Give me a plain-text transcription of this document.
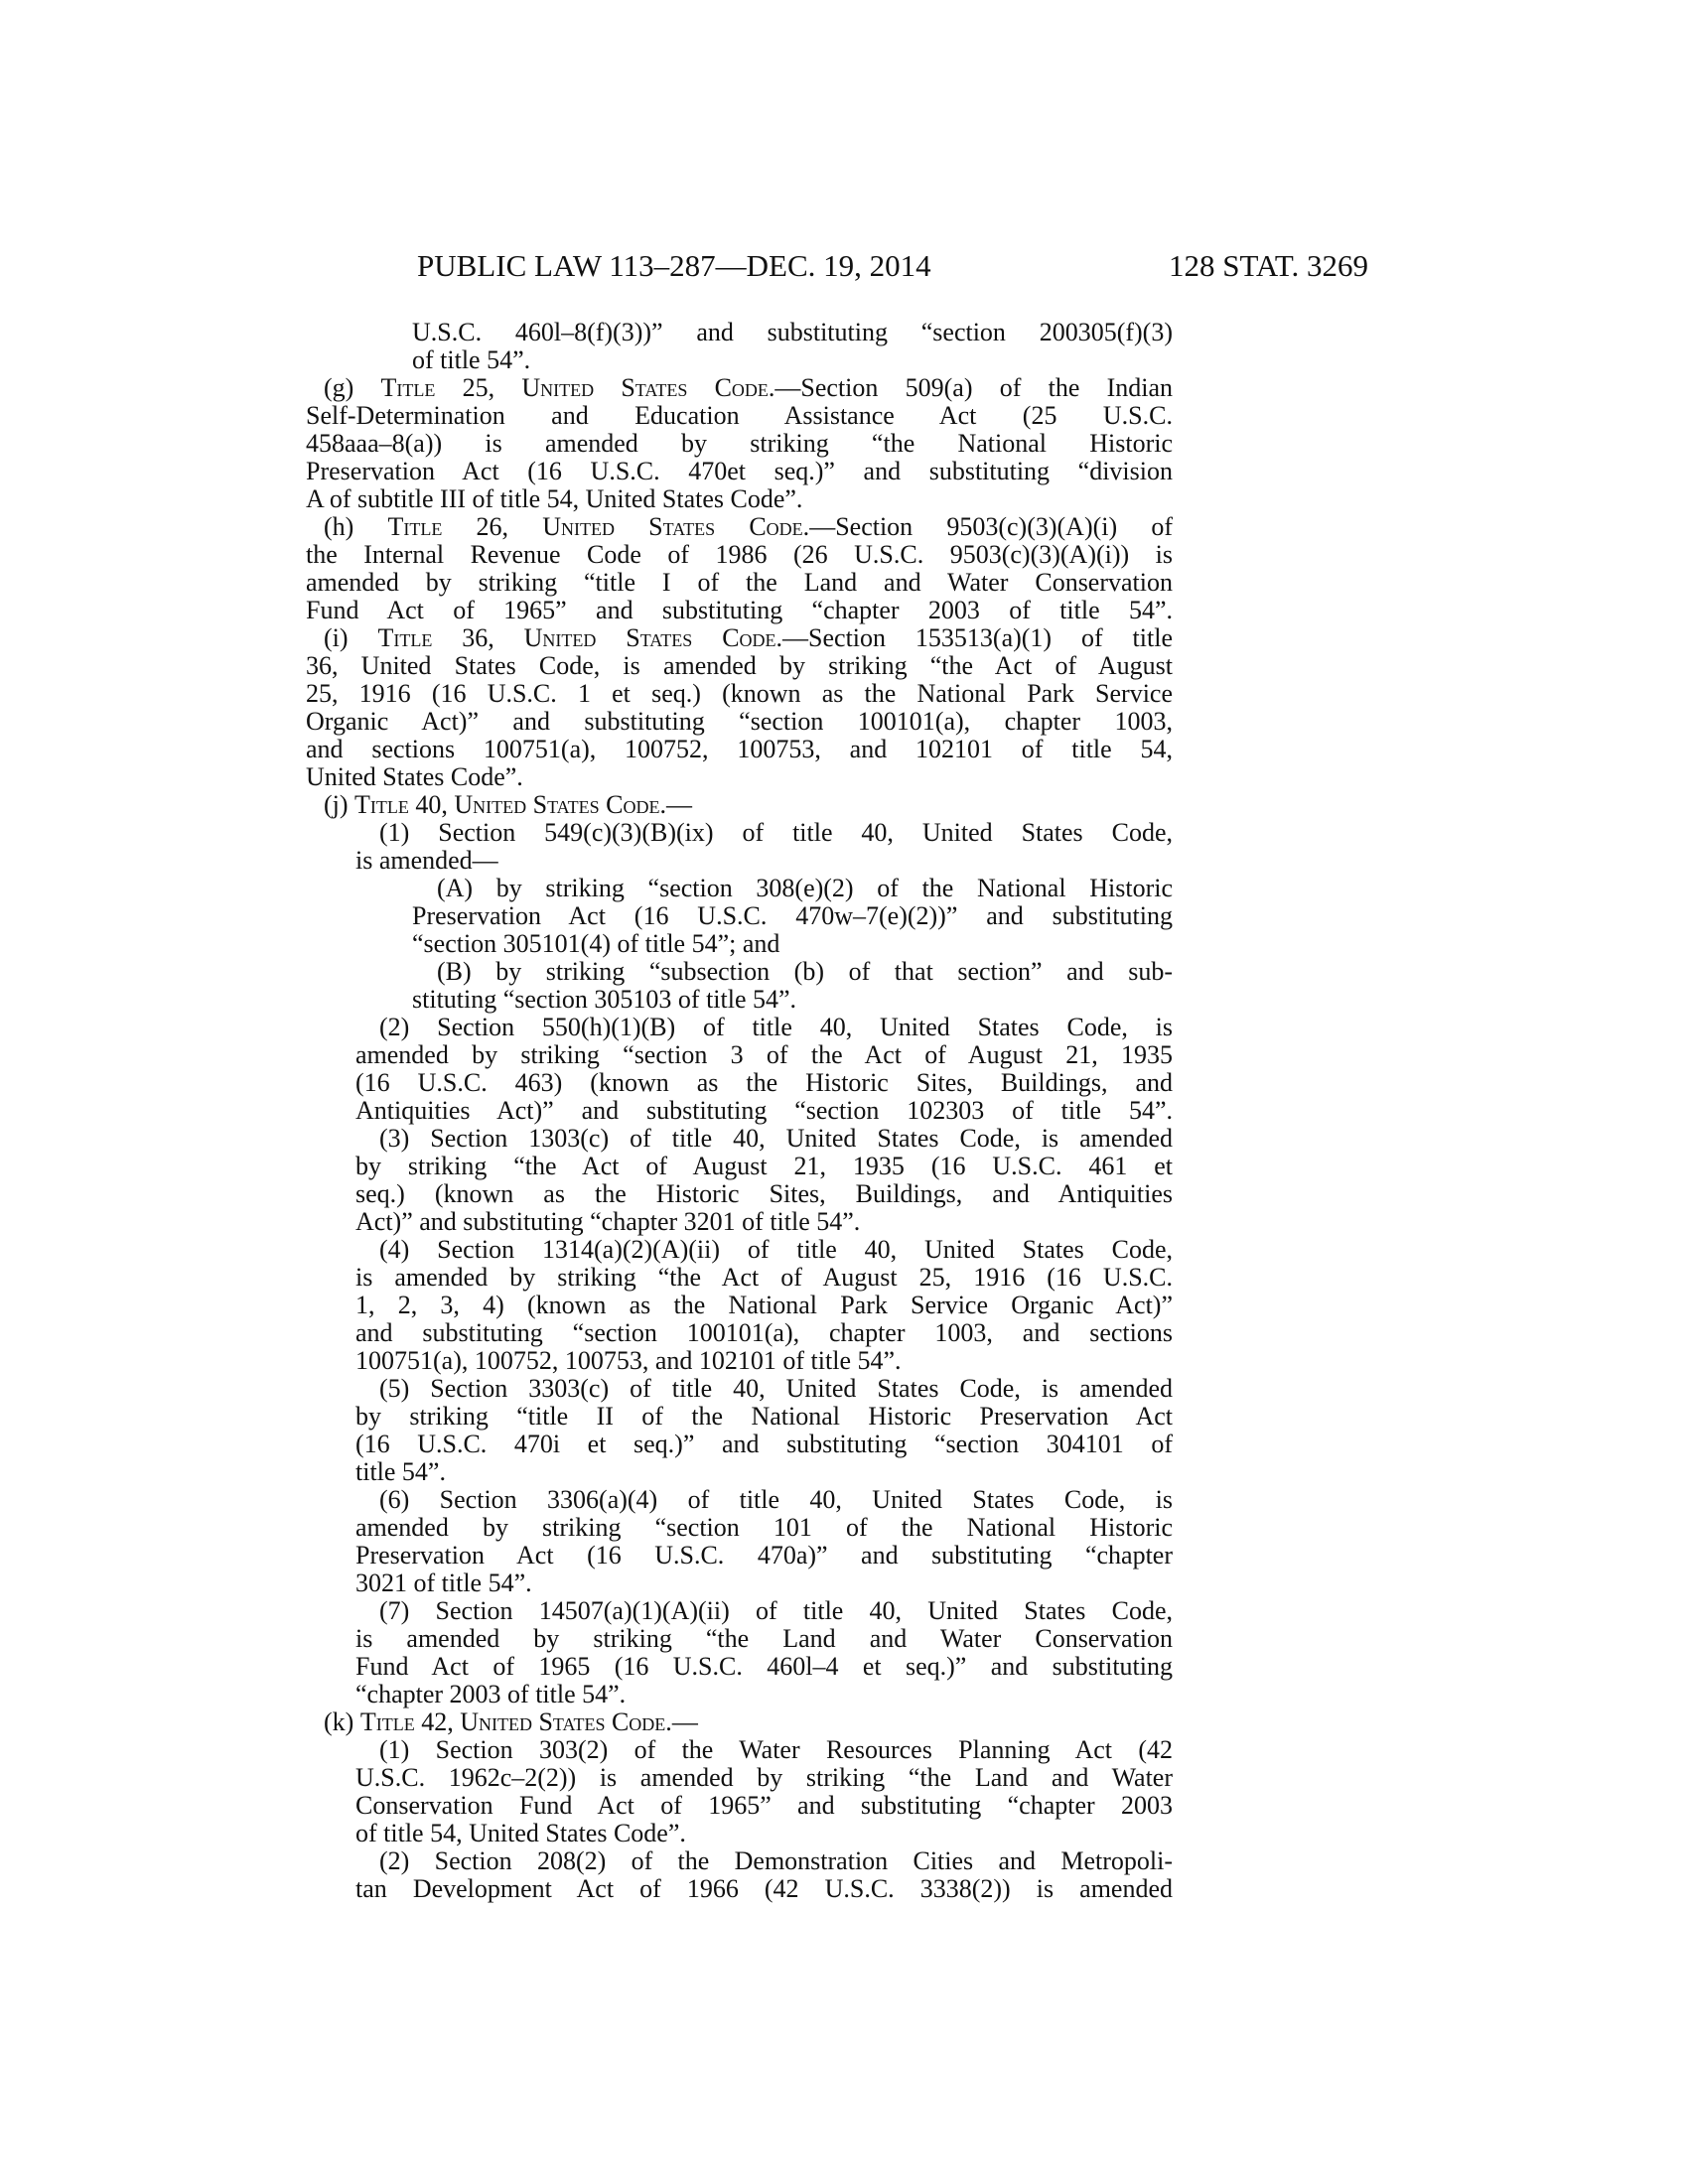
PUBLIC LAW 113–287—DEC. 19, 2014	128 STAT. 3269
U.S.C. 460l–8(f)(3))” and substituting “section 200305(f)(3)
of title 54”.
(g) Title 25, United States Code.—Section 509(a) of the Indian
Self-Determination and Education Assistance Act (25 U.S.C.
458aaa–8(a)) is amended by striking “the National Historic
Preservation Act (16 U.S.C. 470et seq.)” and substituting “division
A of subtitle III of title 54, United States Code”.
(h) Title 26, United States Code.—Section 9503(c)(3)(A)(i) of
the Internal Revenue Code of 1986 (26 U.S.C. 9503(c)(3)(A)(i)) is
amended by striking “title I of the Land and Water Conservation
Fund Act of 1965” and substituting “chapter 2003 of title 54”.
(i) Title 36, United States Code.—Section 153513(a)(1) of title
36, United States Code, is amended by striking “the Act of August
25, 1916 (16 U.S.C. 1 et seq.) (known as the National Park Service
Organic Act)” and substituting “section 100101(a), chapter 1003,
and sections 100751(a), 100752, 100753, and 102101 of title 54,
United States Code”.
(j) Title 40, United States Code.—
(1) Section 549(c)(3)(B)(ix) of title 40, United States Code,
is amended—
(A) by striking “section 308(e)(2) of the National Historic
Preservation Act (16 U.S.C. 470w–7(e)(2))” and substituting
“section 305101(4) of title 54”; and
(B) by striking “subsection (b) of that section” and sub-
stituting “section 305103 of title 54”.
(2) Section 550(h)(1)(B) of title 40, United States Code, is
amended by striking “section 3 of the Act of August 21, 1935
(16 U.S.C. 463) (known as the Historic Sites, Buildings, and
Antiquities Act)” and substituting “section 102303 of title 54”.
(3) Section 1303(c) of title 40, United States Code, is amended
by striking “the Act of August 21, 1935 (16 U.S.C. 461 et
seq.) (known as the Historic Sites, Buildings, and Antiquities
Act)” and substituting “chapter 3201 of title 54”.
(4) Section 1314(a)(2)(A)(ii) of title 40, United States Code,
is amended by striking “the Act of August 25, 1916 (16 U.S.C.
1, 2, 3, 4) (known as the National Park Service Organic Act)”
and substituting “section 100101(a), chapter 1003, and sections
100751(a), 100752, 100753, and 102101 of title 54”.
(5) Section 3303(c) of title 40, United States Code, is amended
by striking “title II of the National Historic Preservation Act
(16 U.S.C. 470i et seq.)” and substituting “section 304101 of
title 54”.
(6) Section 3306(a)(4) of title 40, United States Code, is
amended by striking “section 101 of the National Historic
Preservation Act (16 U.S.C. 470a)” and substituting “chapter
3021 of title 54”.
(7) Section 14507(a)(1)(A)(ii) of title 40, United States Code,
is amended by striking “the Land and Water Conservation
Fund Act of 1965 (16 U.S.C. 460l–4 et seq.)” and substituting
“chapter 2003 of title 54”.
(k) Title 42, United States Code.—
(1) Section 303(2) of the Water Resources Planning Act (42
U.S.C. 1962c–2(2)) is amended by striking “the Land and Water
Conservation Fund Act of 1965” and substituting “chapter 2003
of title 54, United States Code”.
(2) Section 208(2) of the Demonstration Cities and Metropoli-
tan Development Act of 1966 (42 U.S.C. 3338(2)) is amended
